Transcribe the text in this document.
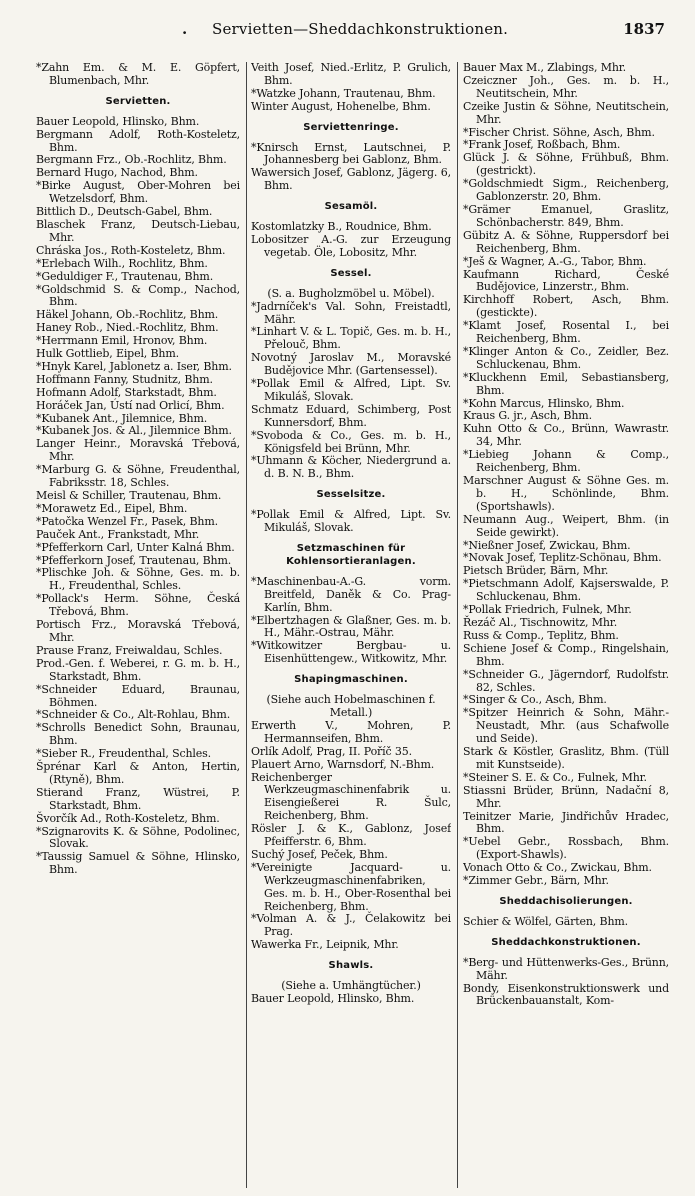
. Servietten—Sheddachkonstruktionen.	1837
*Zahn Em. & M. E. Göpfert, Blumenbach, Mhr.
Servietten.
Bauer Leopold, Hlinsko, Bhm.
Bergmann Adolf, Roth-Kosteletz, Bhm.
Bergmann Frz., Ob.-Rochlitz, Bhm.
Bernard Hugo, Nachod, Bhm.
*Birke August, Ober-Mohren bei Wetzelsdorf, Bhm.
Bittlich D., Deutsch-Gabel, Bhm.
Blaschek Franz, Deutsch-Liebau, Mhr.
Chráska Jos., Roth-Kosteletz, Bhm.
*Erlebach Wilh., Rochlitz, Bhm.
*Geduldiger F., Trautenau, Bhm.
*Goldschmid S. & Comp., Nachod, Bhm.
Häkel Johann, Ob.-Rochlitz, Bhm.
Haney Rob., Nied.-Rochlitz, Bhm.
*Herrmann Emil, Hronov, Bhm.
Hulk Gottlieb, Eipel, Bhm.
*Hnyk Karel, Jablonetz a. Iser, Bhm.
Hoffmann Fanny, Studnitz, Bhm.
Hofmann Adolf, Starkstadt, Bhm.
Horáček Jan, Ústí nad Orlicí, Bhm.
*Kubanek Ant., Jilemnice, Bhm.
*Kubanek Jos. & Al., Jilemnice Bhm.
Langer Heinr., Moravská Třebová, Mhr.
*Marburg G. & Söhne, Freudenthal, Fabriksstr. 18, Schles.
Meisl & Schiller, Trautenau, Bhm.
*Morawetz Ed., Eipel, Bhm.
*Patočka Wenzel Fr., Pasek, Bhm.
Pauček Ant., Frankstadt, Mhr.
*Pfefferkorn Carl, Unter Kalná Bhm.
*Pfefferkorn Josef, Trautenau, Bhm.
*Plischke Joh. & Söhne, Ges. m. b. H., Freudenthal, Schles.
*Pollack's Herm. Söhne, Česká Třebová, Bhm.
Portisch Frz., Moravská Třebová, Mhr.
Prause Franz, Freiwaldau, Schles.
Prod.-Gen. f. Weberei, r. G. m. b. H., Starkstadt, Bhm.
*Schneider Eduard, Braunau, Böhmen.
*Schneider & Co., Alt-Rohlau, Bhm.
*Schrolls Benedict Sohn, Braunau, Bhm.
*Sieber R., Freudenthal, Schles.
Šprénar Karl & Anton, Hertin, (Rtyně), Bhm.
Stierand Franz, Wüstrei, P. Starkstadt, Bhm.
Švorčík Ad., Roth-Kosteletz, Bhm.
*Szignarovits K. & Söhne, Podolinec, Slovak.
*Taussig Samuel & Söhne, Hlinsko, Bhm.
Veith Josef, Nied.-Erlitz, P. Grulich, Bhm.
*Watzke Johann, Trautenau, Bhm.
Winter August, Hohenelbe, Bhm.
Serviettenringe.
*Knirsch Ernst, Lautschnei, P. Johannesberg bei Gablonz, Bhm.
Wawersich Josef, Gablonz, Jägerg. 6, Bhm.
Sesamöl.
Kostomlatzky B., Roudnice, Bhm.
Lobositzer A.-G. zur Erzeugung vegetab. Öle, Lobositz, Mhr.
Sessel.
(S. a. Bugholzmöbel u. Möbel).
*Jadrníček's Val. Sohn, Freistadtl, Mähr.
*Linhart V. & L. Topič, Ges. m. b. H., Přelouč, Bhm.
Novotný Jaroslav M., Moravské Budějovice Mhr. (Gartensessel).
*Pollak Emil & Alfred, Lipt. Sv. Mikuláš, Slovak.
Schmatz Eduard, Schimberg, Post Kunnersdorf, Bhm.
*Svoboda & Co., Ges. m. b. H., Königsfeld bei Brünn, Mhr.
*Uhmann & Köcher, Niedergrund a. d. B. N. B., Bhm.
Sesselsitze.
*Pollak Emil & Alfred, Lipt. Sv. Mikuláš, Slovak.
Setzmaschinen für Kohlensortieranlagen.
*Maschinenbau-A.-G. vorm. Breitfeld, Daněk & Co. Prag-Karlín, Bhm.
*Elbertzhagen & Glaßner, Ges. m. b. H., Mähr.-Ostrau, Mähr.
*Witkowitzer Bergbau- u. Eisenhüttengew., Witkowitz, Mhr.
Shapingmaschinen.
(Siehe auch Hobelmaschinen f. Metall.)
Erwerth V., Mohren, P. Hermannseifen, Bhm.
Orlík Adolf, Prag, II. Poříč 35.
Plauert Arno, Warnsdorf, N.-Bhm.
Reichenberger Werkzeugmaschinenfabrik u. Eisengießerei R. Šulc, Reichenberg, Bhm.
Rösler J. & K., Gablonz, Josef Pfeifferstr. 6, Bhm.
Suchý Josef, Peček, Bhm.
*Vereinigte Jacquard- u. Werkzeugmaschinenfabriken, Ges. m. b. H., Ober-Rosenthal bei Reichenberg, Bhm.
*Volman A. & J., Čelakowitz bei Prag.
Wawerka Fr., Leipnik, Mhr.
Shawls.
(Siehe a. Umhängtücher.)
Bauer Leopold, Hlinsko, Bhm.
Bauer Max M., Zlabings, Mhr.
Czeiczner Joh., Ges. m. b. H., Neutitschein, Mhr.
Czeike Justin & Söhne, Neutitschein, Mhr.
*Fischer Christ. Söhne, Asch, Bhm.
*Frank Josef, Roßbach, Bhm.
Glück J. & Söhne, Frühbuß, Bhm. (gestrickt).
*Goldschmiedt Sigm., Reichenberg, Gablonzerstr. 20, Bhm.
*Grämer Emanuel, Graslitz, Schönbacherstr. 849, Bhm.
Gübitz A. & Söhne, Ruppersdorf bei Reichenberg, Bhm.
*Ješ & Wagner, A.-G., Tabor, Bhm.
Kaufmann Richard, České Budějovice, Linzerstr., Bhm.
Kirchhoff Robert, Asch, Bhm. (gestickte).
*Klamt Josef, Rosental I., bei Reichenberg, Bhm.
*Klinger Anton & Co., Zeidler, Bez. Schluckenau, Bhm.
*Kluckhenn Emil, Sebastiansberg, Bhm.
*Kohn Marcus, Hlinsko, Bhm.
Kraus G. jr., Asch, Bhm.
Kuhn Otto & Co., Brünn, Wawrastr. 34, Mhr.
*Liebieg Johann & Comp., Reichenberg, Bhm.
Marschner August & Söhne Ges. m. b. H., Schönlinde, Bhm. (Sportshawls).
Neumann Aug., Weipert, Bhm. (in Seide gewirkt).
*Nießner Josef, Zwickau, Bhm.
*Novak Josef, Teplitz-Schönau, Bhm.
Pietsch Brüder, Bärn, Mhr.
*Pietschmann Adolf, Kajserswalde, P. Schluckenau, Bhm.
*Pollak Friedrich, Fulnek, Mhr.
Řezáč Al., Tischnowitz, Mhr.
Russ & Comp., Teplitz, Bhm.
Schiene Josef & Comp., Ringelshain, Bhm.
*Schneider G., Jägerndorf, Rudolfstr. 82, Schles.
*Singer & Co., Asch, Bhm.
*Spitzer Heinrich & Sohn, Mähr.-Neustadt, Mhr. (aus Schafwolle und Seide).
Stark & Köstler, Graslitz, Bhm. (Tüll mit Kunstseide).
*Steiner S. E. & Co., Fulnek, Mhr.
Stiassni Brüder, Brünn, Nadační 8, Mhr.
Teinitzer Marie, Jindřichův Hradec, Bhm.
*Uebel Gebr., Rossbach, Bhm. (Export-Shawls).
Vonach Otto & Co., Zwickau, Bhm.
*Zimmer Gebr., Bärn, Mhr.
Sheddachisolierungen.
Schier & Wölfel, Gärten, Bhm.
Sheddachkonstruktionen.
*Berg- und Hüttenwerks-Ges., Brünn, Mähr.
Bondy, Eisenkonstruktionswerk und Brückenbauanstalt, Kom-
